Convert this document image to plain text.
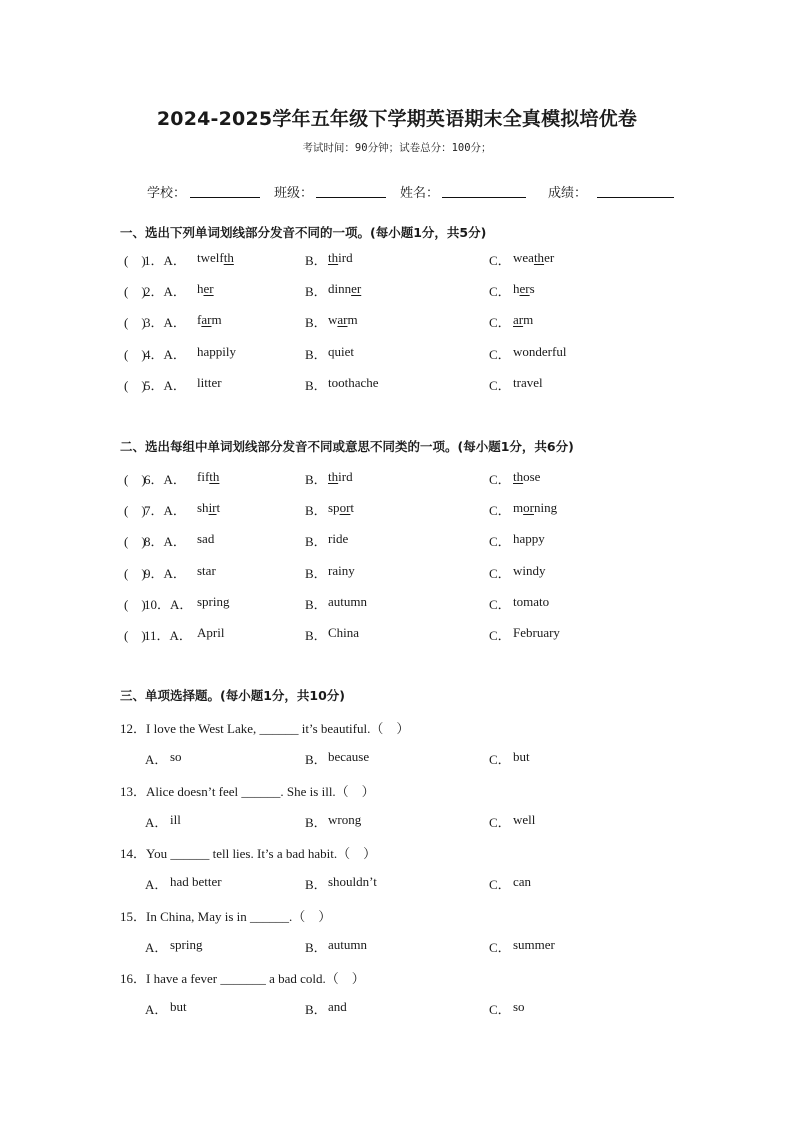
2024-2025学年五年级下学期英语期末全真模拟培优卷
考试时间：90分钟；试卷总分：100分；
学校：	班级：	姓名：	成绩：
一、选出下列单词划线部分发音不同的一项。(每小题1分，共5分)
(　)
1．A． twelfth	B． third	C． weather
(　)
2．A． her	B． dinner	C． hers
(　)
3．A． farm	B． warm	C． arm
(　)
4．A． happily	B． quiet	C． wonderful
(　)
5．A． litter	B． toothache	C． travel
二、选出每组中单词划线部分发音不同或意思不同类的一项。(每小题1分，共6分)
(　)
6．A． fifth	B． third	C． those
(　)
7．A． shirt	B． sport	C． morning
(　)
8．A． sad	B． ride	C． happy
(　)
9．A． star	B． rainy	C． windy
(　)
10．A． spring	B． autumn	C． tomato
(　)
11．A． April	B． China	C． February
三、单项选择题。(每小题1分，共10分)
12．I love the West Lake, ______ it’s beautiful.（　）
A． so	B． because	C． but
13．Alice doesn’t feel ______. She is ill.（　）
A． ill	B． wrong	C． well
14．You ______ tell lies. It’s a bad habit.（　）
A． had better	B． shouldn’t	C． can
15．In China, May is in ______.（　）
A． spring	B． autumn	C． summer
16．I have a fever _______ a bad cold.（　）
A． but	B． and	C． so
